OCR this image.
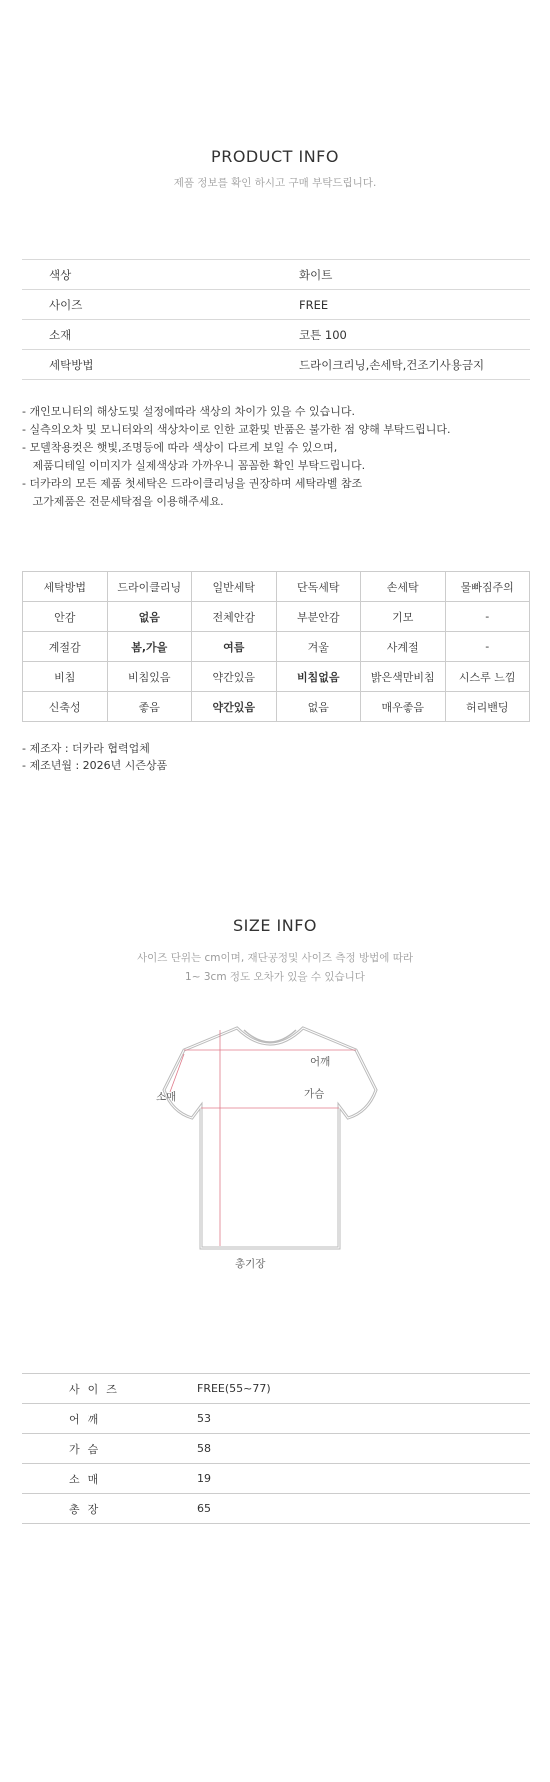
PRODUCT INFO
제품 정보를 확인 하시고 구매 부탁드립니다.
색상	화이트
사이즈	FREE
소재	코튼 100
세탁방법	드라이크리닝,손세탁,건조기사용금지
- 개인모니터의 해상도및 설정에따라 색상의 차이가 있을 수 있습니다.
- 실측의오차 및 모니터와의 색상차이로 인한 교환및 반품은 불가한 점 양해 부탁드립니다.
- 모델착용컷은 햇빛,조명등에 따라 색상이 다르게 보일 수 있으며,
제품디테일 이미지가 실제색상과 가까우니 꼼꼼한 확인 부탁드립니다.
- 더카라의 모든 제품 첫세탁은 드라이클리닝을 권장하며 세탁라벨 참조
고가제품은 전문세탁점을 이용해주세요.
세탁방법	드라이클리닝	일반세탁	단독세탁	손세탁	물빠짐주의
안감	없음	전체안감	부분안감	기모	-
계절감	봄,가을	여름	겨울	사계절	-
비침	비침있음	약간있음	비침없음	밝은색만비침	시스루 느낌
신축성	좋음	약간있음	없음	매우좋음	허리밴딩
- 제조자 : 더카라 협력업체
- 제조년월 : 2026년 시즌상품
SIZE INFO
사이즈 단위는 cm이며, 재단공정및 사이즈 측정 방법에 따라
1~ 3cm 정도 오차가 있을 수 있습니다
어깨
가슴
소매
총기장
사이즈	FREE(55~77)
어깨	53
가슴	58
소매	19
총장	65
